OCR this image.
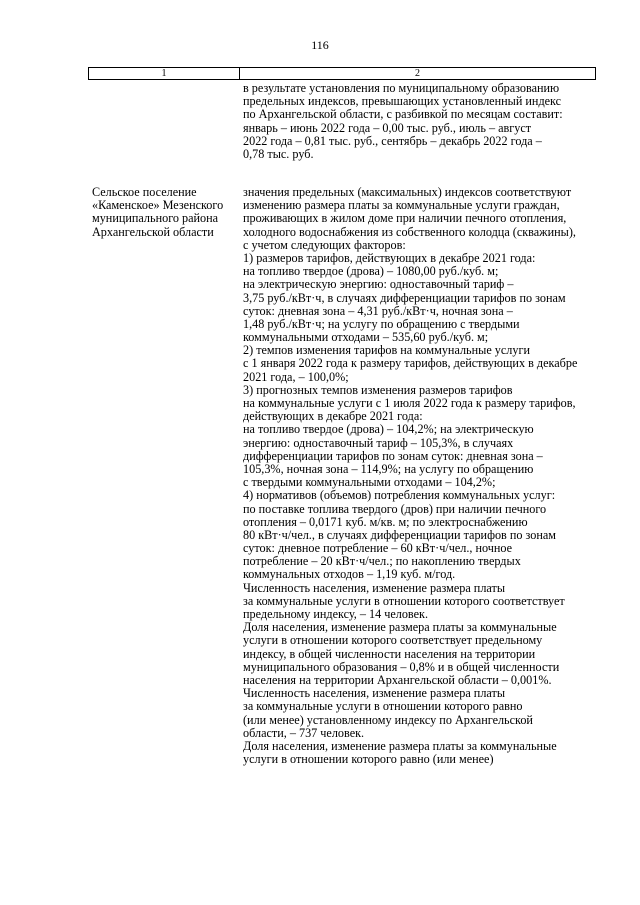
116
1	2
в результате установления по муниципальному образованию
предельных индексов, превышающих установленный индекс
по Архангельской области, с разбивкой по месяцам составит:
январь – июнь 2022 года – 0,00 тыс. руб., июль – август
2022 года – 0,81 тыс. руб., сентябрь – декабрь 2022 года –
0,78 тыс. руб.
Сельское поселение
«Каменское» Мезенского
муниципального района
Архангельской области
значения предельных (максимальных) индексов соответствуют
изменению размера платы за коммунальные услуги граждан,
проживающих в жилом доме при наличии печного отопления,
холодного водоснабжения из собственного колодца (скважины),
с учетом следующих факторов:
1) размеров тарифов, действующих в декабре 2021 года:
на топливо твердое (дрова) – 1080,00 руб./куб. м;
на электрическую энергию: одноставочный тариф –
3,75 руб./кВт·ч, в случаях дифференциации тарифов по зонам
суток: дневная зона – 4,31 руб./кВт·ч, ночная зона –
1,48 руб./кВт·ч; на услугу по обращению с твердыми
коммунальными отходами – 535,60 руб./куб. м;
2) темпов изменения тарифов на коммунальные услуги
с 1 января 2022 года к размеру тарифов, действующих в декабре
2021 года, – 100,0%;
3) прогнозных темпов изменения размеров тарифов
на коммунальные услуги с 1 июля 2022 года к размеру тарифов,
действующих в декабре 2021 года:
на топливо твердое (дрова) – 104,2%; на электрическую
энергию: одноставочный тариф – 105,3%, в случаях
дифференциации тарифов по зонам суток: дневная зона –
105,3%, ночная зона – 114,9%; на услугу по обращению
с твердыми коммунальными отходами – 104,2%;
4) нормативов (объемов) потребления коммунальных услуг:
по поставке топлива твердого (дров) при наличии печного
отопления – 0,0171 куб. м/кв. м; по электроснабжению
80 кВт·ч/чел., в случаях дифференциации тарифов по зонам
суток: дневное потребление – 60 кВт·ч/чел., ночное
потребление – 20 кВт·ч/чел.; по накоплению твердых
коммунальных отходов – 1,19 куб. м/год.
Численность населения, изменение размера платы
за коммунальные услуги в отношении которого соответствует
предельному индексу, – 14 человек.
Доля населения, изменение размера платы за коммунальные
услуги в отношении которого соответствует предельному
индексу, в общей численности населения на территории
муниципального образования – 0,8% и в общей численности
населения на территории Архангельской области – 0,001%.
Численность населения, изменение размера платы
за коммунальные услуги в отношении которого равно
(или менее) установленному индексу по Архангельской
области, – 737 человек.
Доля населения, изменение размера платы за коммунальные
услуги в отношении которого равно (или менее)
